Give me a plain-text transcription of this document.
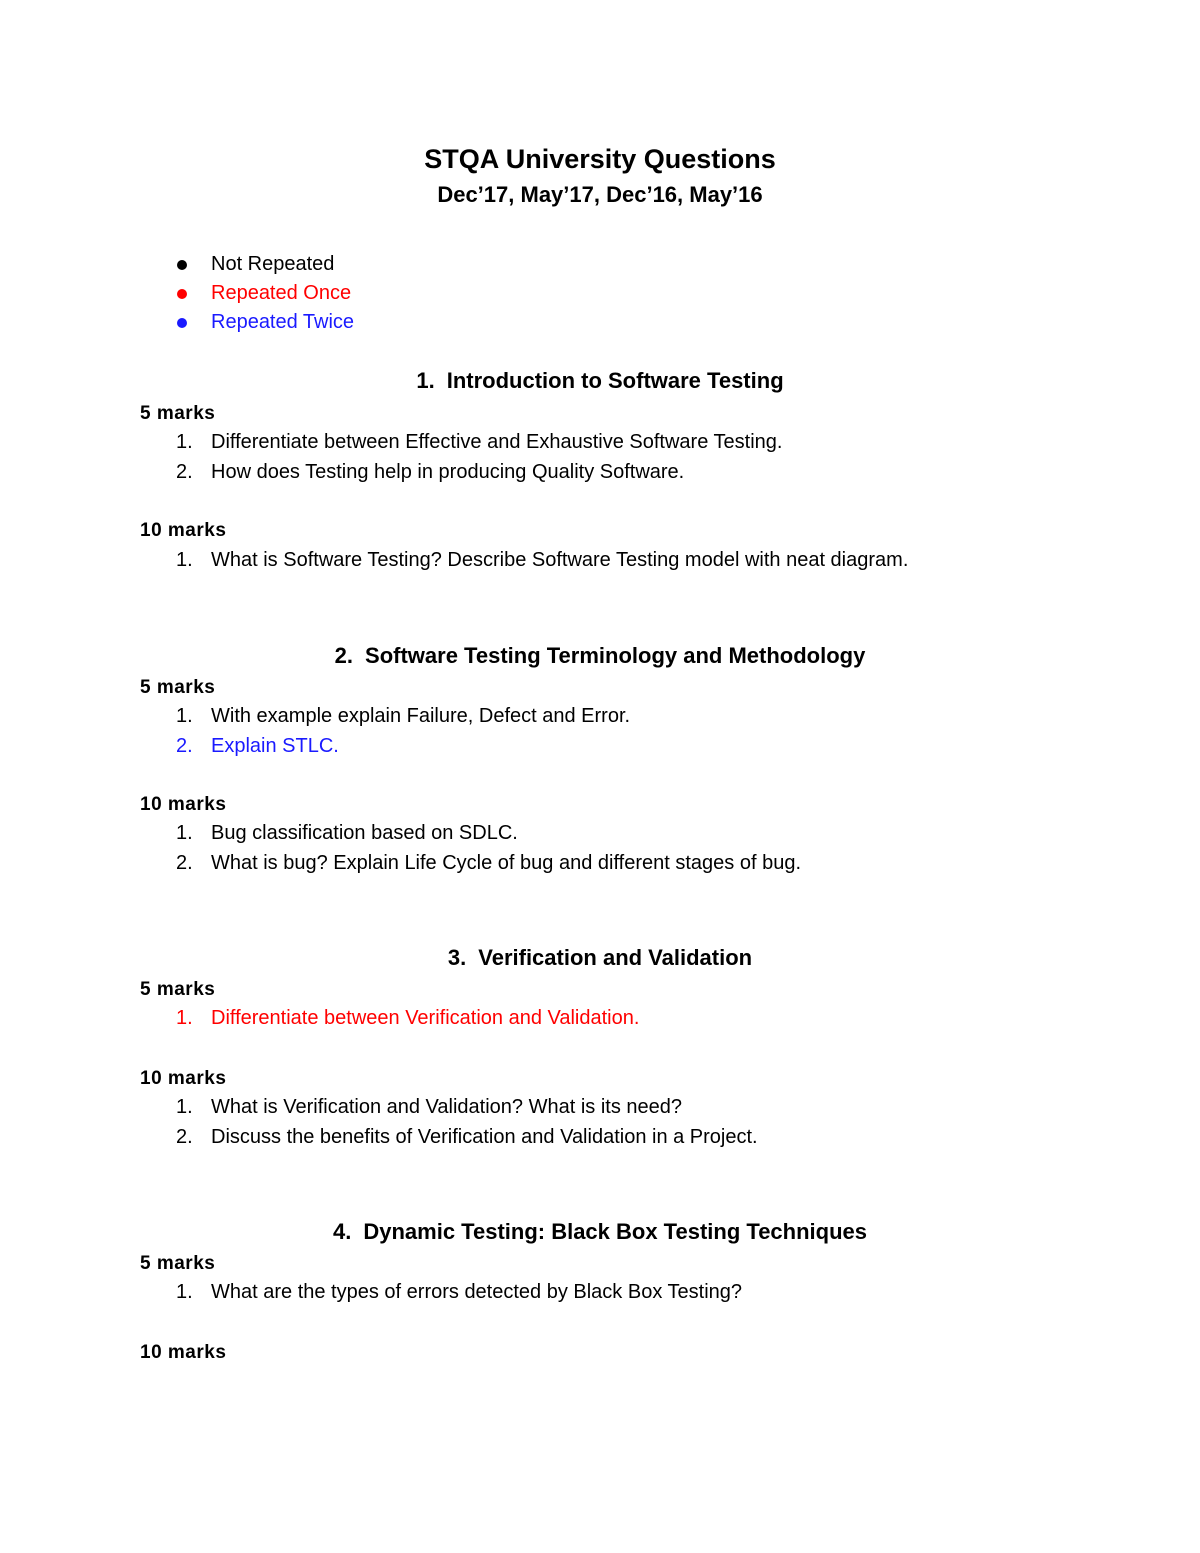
STQA University Questions
Dec’17, May’17, Dec’16, May’16
Not Repeated
Repeated Once
Repeated Twice
1. Introduction to Software Testing

5 marks

1. Differentiate between Effective and Exhaustive Software Testing.
2. How does Testing help in producing Quality Software.

10 marks

1. What is Software Testing? Describe Software Testing model with neat diagram.
2. Software Testing Terminology and Methodology

5 marks

1. With example explain Failure, Defect and Error.
2. Explain STLC.

10 marks

1. Bug classification based on SDLC.
2. What is bug? Explain Life Cycle of bug and different stages of bug.
3. Verification and Validation

5 marks

1. Differentiate between Verification and Validation.

10 marks

1. What is Verification and Validation? What is its need?
2. Discuss the benefits of Verification and Validation in a Project.
4. Dynamic Testing: Black Box Testing Techniques

5 marks

1. What are the types of errors detected by Black Box Testing?

10 marks
